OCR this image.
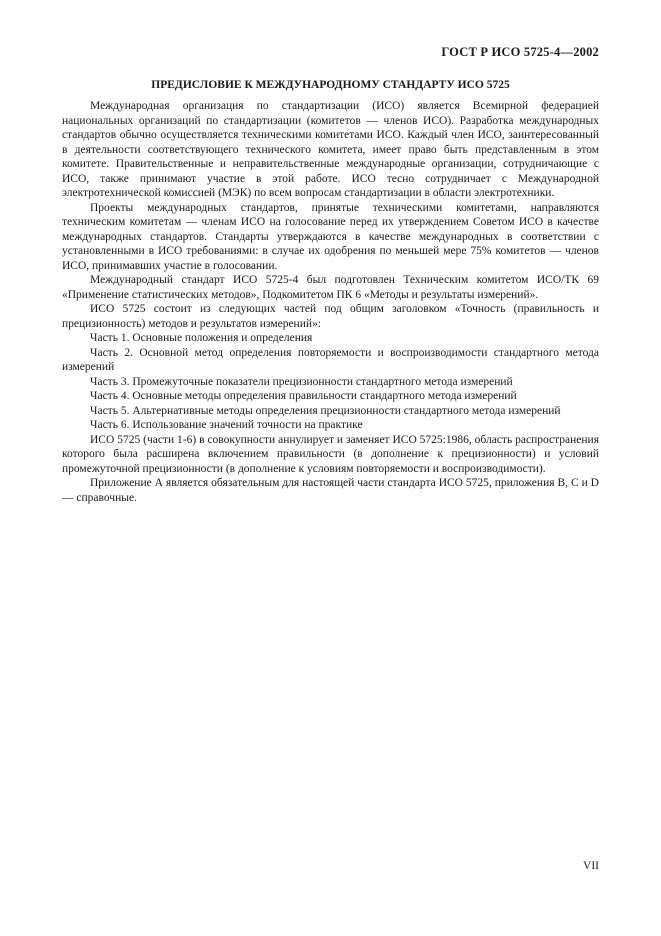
ГОСТ Р ИСО 5725-4—2002
ПРЕДИСЛОВИЕ К МЕЖДУНАРОДНОМУ СТАНДАРТУ ИСО 5725

Международная организация по стандартизации (ИСО) является Всемирной федерацией национальных организаций по стандартизации (комитетов — членов ИСО). Разработка международных стандартов обычно осуществляется техническими комитетами ИСО. Каждый член ИСО, заинтересованный в деятельности соответствующего технического комитета, имеет право быть представленным в этом комитете. Правительственные и неправительственные международные организации, сотрудничающие с ИСО, также принимают участие в этой работе. ИСО тесно сотрудничает с Международной электротехнической комиссией (МЭК) по всем вопросам стандартизации в области электротехники.

Проекты международных стандартов, принятые техническими комитетами, направляются техническим комитетам — членам ИСО на голосование перед их утверждением Советом ИСО в качестве международных стандартов. Стандарты утверждаются в качестве международных в соответствии с установленными в ИСО требованиями: в случае их одобрения по меньшей мере 75% комитетов — членов ИСО, принимавших участие в голосовании.

Международный стандарт ИСО 5725-4 был подготовлен Техническим комитетом ИСО/ТК 69 «Применение статистических методов», Подкомитетом ПК 6 «Методы и результаты измерений».

ИСО 5725 состоит из следующих частей под общим заголовком «Точность (правильность и прецизионность) методов и результатов измерений»:

Часть 1. Основные положения и определения

Часть 2. Основной метод определения повторяемости и воспроизводимости стандартного метода измерений

Часть 3. Промежуточные показатели прецизионности стандартного метода измерений

Часть 4. Основные методы определения правильности стандартного метода измерений

Часть 5. Альтернативные методы определения прецизионности стандартного метода измерений

Часть 6. Использование значений точности на практике

ИСО 5725 (части 1-6) в совокупности аннулирует и заменяет ИСО 5725:1986, область распространения которого была расширена включением правильности (в дополнение к прецизионности) и условий промежуточной прецизионности (в дополнение к условиям повторяемости и воспроизводимости).

Приложение А является обязательным для настоящей части стандарта ИСО 5725, приложения В, С и D — справочные.

VII
